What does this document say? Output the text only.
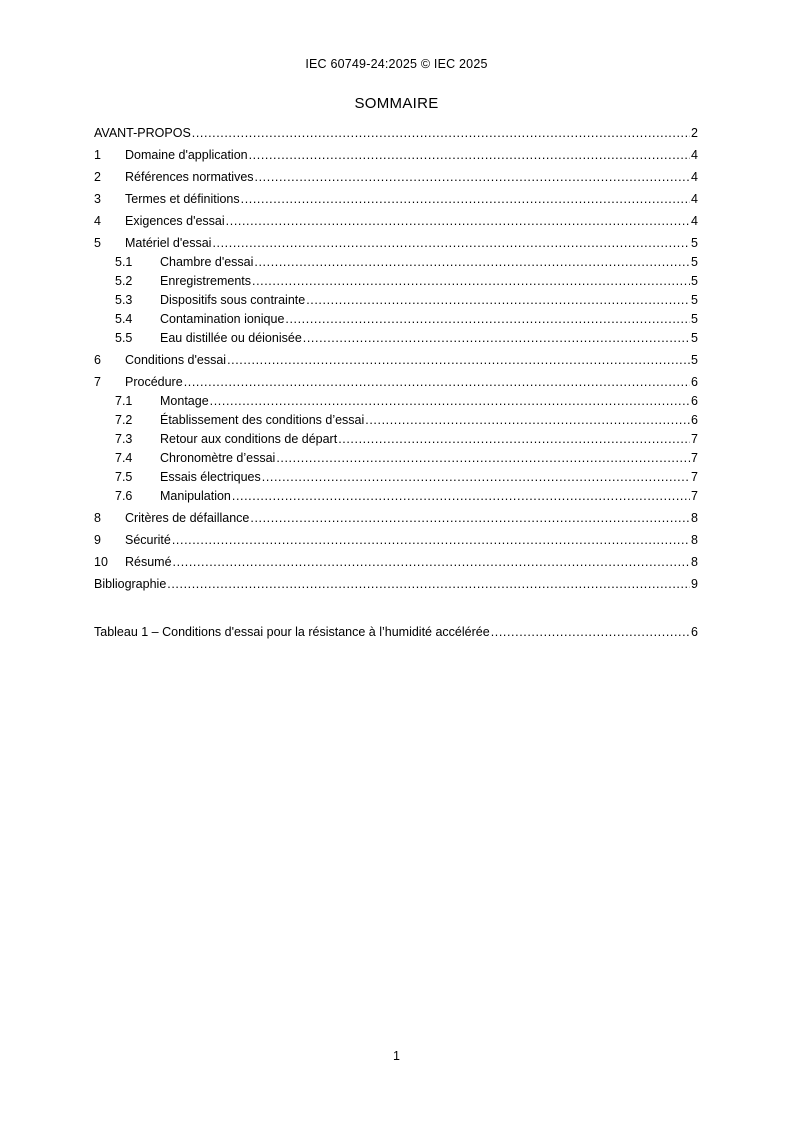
IEC 60749-24:2025 © IEC 2025
SOMMAIRE
AVANT-PROPOS .....	2
1	Domaine d'application .....	4
2	Références normatives .....	4
3	Termes et définitions .....	4
4	Exigences d'essai .....	4
5	Matériel d'essai .....	5
5.1	Chambre d'essai .....	5
5.2	Enregistrements .....	5
5.3	Dispositifs sous contrainte .....	5
5.4	Contamination ionique .....	5
5.5	Eau distillée ou déionisée .....	5
6	Conditions d'essai .....	5
7	Procédure .....	6
7.1	Montage .....	6
7.2	Établissement des conditions d’essai .....	6
7.3	Retour aux conditions de départ .....	7
7.4	Chronomètre d’essai .....	7
7.5	Essais électriques .....	7
7.6	Manipulation .....	7
8	Critères de défaillance .....	8
9	Sécurité .....	8
10	Résumé .....	8
Bibliographie .....	9
Tableau 1 – Conditions d'essai pour la résistance à l’humidité accélérée .....	6
1
